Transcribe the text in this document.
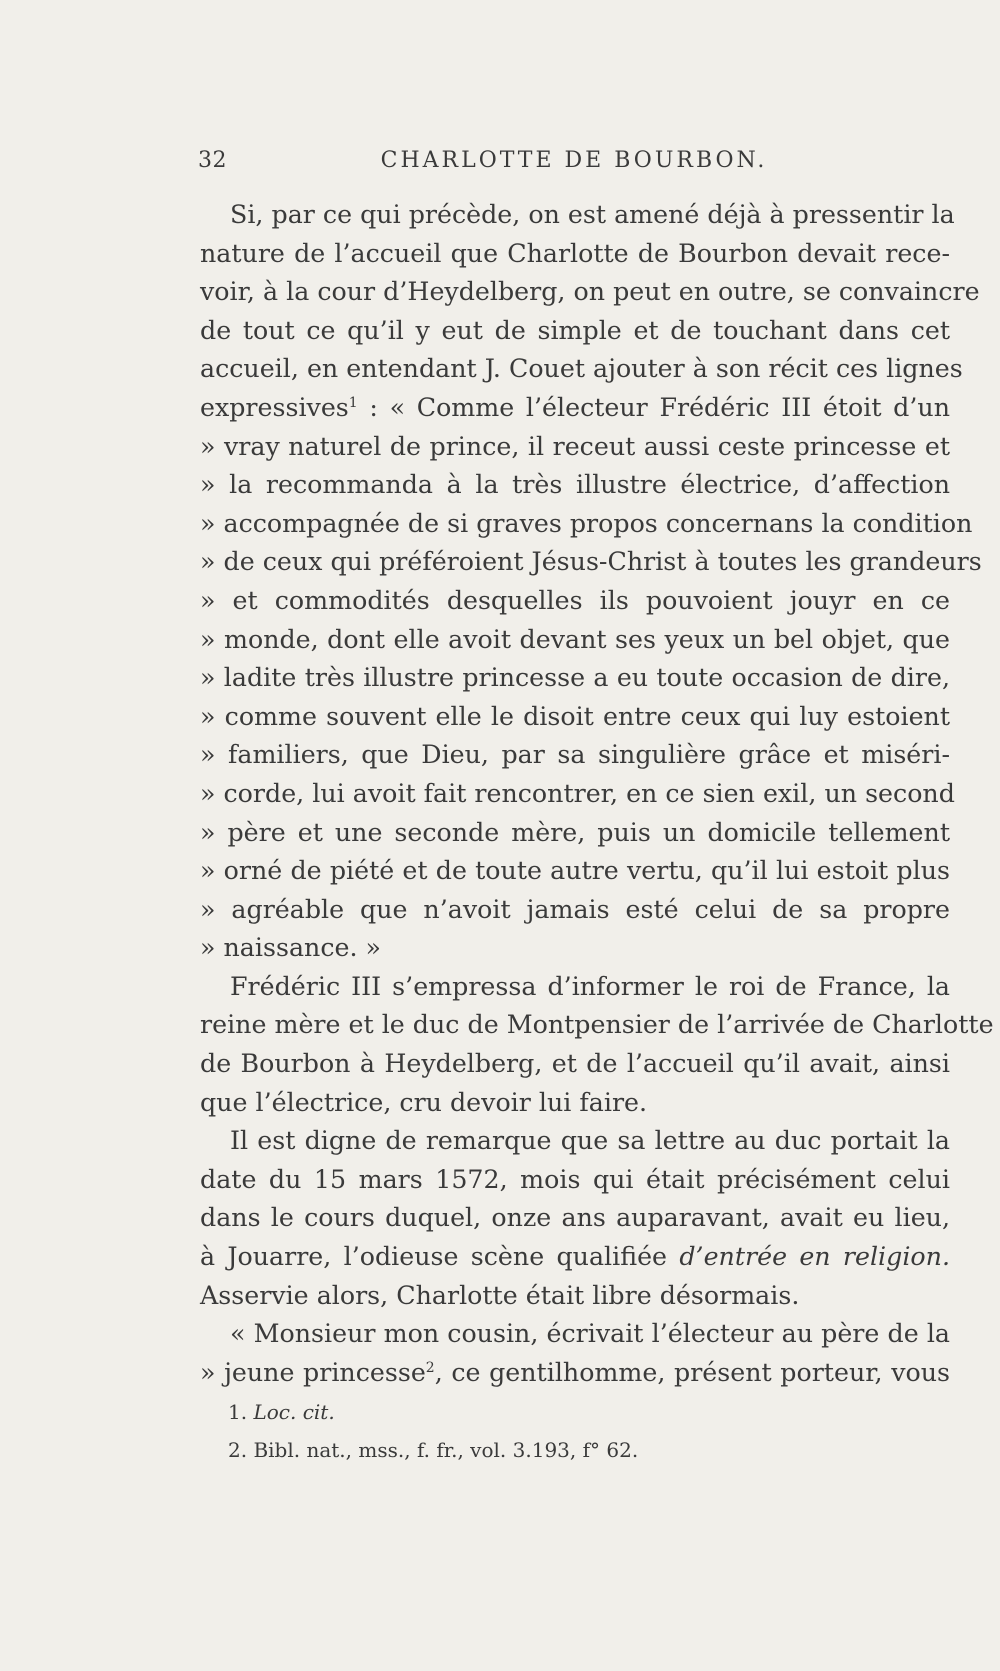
32	CHARLOTTE DE BOURBON.
Si, par ce qui précède, on est amené déjà à pressentir la
nature de l’accueil que Charlotte de Bourbon devait rece-
voir, à la cour d’Heydelberg, on peut en outre, se convaincre
de tout ce qu’il y eut de simple et de touchant dans cet
accueil, en entendant J. Couet ajouter à son récit ces lignes
expressives$^1$ : « Comme l’électeur Frédéric III étoit d’un
» vray naturel de prince, il receut aussi ceste princesse et
» la recommanda à la très illustre électrice, d’affection
» accompagnée de si graves propos concernans la condition
» de ceux qui préféroient Jésus-Christ à toutes les grandeurs
» et commodités desquelles ils pouvoient jouyr en ce
» monde, dont elle avoit devant ses yeux un bel objet, que
» ladite très illustre princesse a eu toute occasion de dire,
» comme souvent elle le disoit entre ceux qui luy estoient
» familiers, que Dieu, par sa singulière grâce et miséri-
» corde, lui avoit fait rencontrer, en ce sien exil, un second
» père et une seconde mère, puis un domicile tellement
» orné de piété et de toute autre vertu, qu’il lui estoit plus
» agréable que n’avoit jamais esté celui de sa propre
» naissance. »
Frédéric III s’empressa d’informer le roi de France, la
reine mère et le duc de Montpensier de l’arrivée de Charlotte
de Bourbon à Heydelberg, et de l’accueil qu’il avait, ainsi
que l’électrice, cru devoir lui faire.
Il est digne de remarque que sa lettre au duc portait la
date du 15 mars 1572, mois qui était précisément celui
dans le cours duquel, onze ans auparavant, avait eu lieu,
à Jouarre, l’odieuse scène qualifiée d’entrée en religion.
Asservie alors, Charlotte était libre désormais.
« Monsieur mon cousin, écrivait l’électeur au père de la
» jeune princesse$^2$, ce gentilhomme, présent porteur, vous
1. Loc. cit.
2. Bibl. nat., mss., f. fr., vol. 3.193, f° 62.
